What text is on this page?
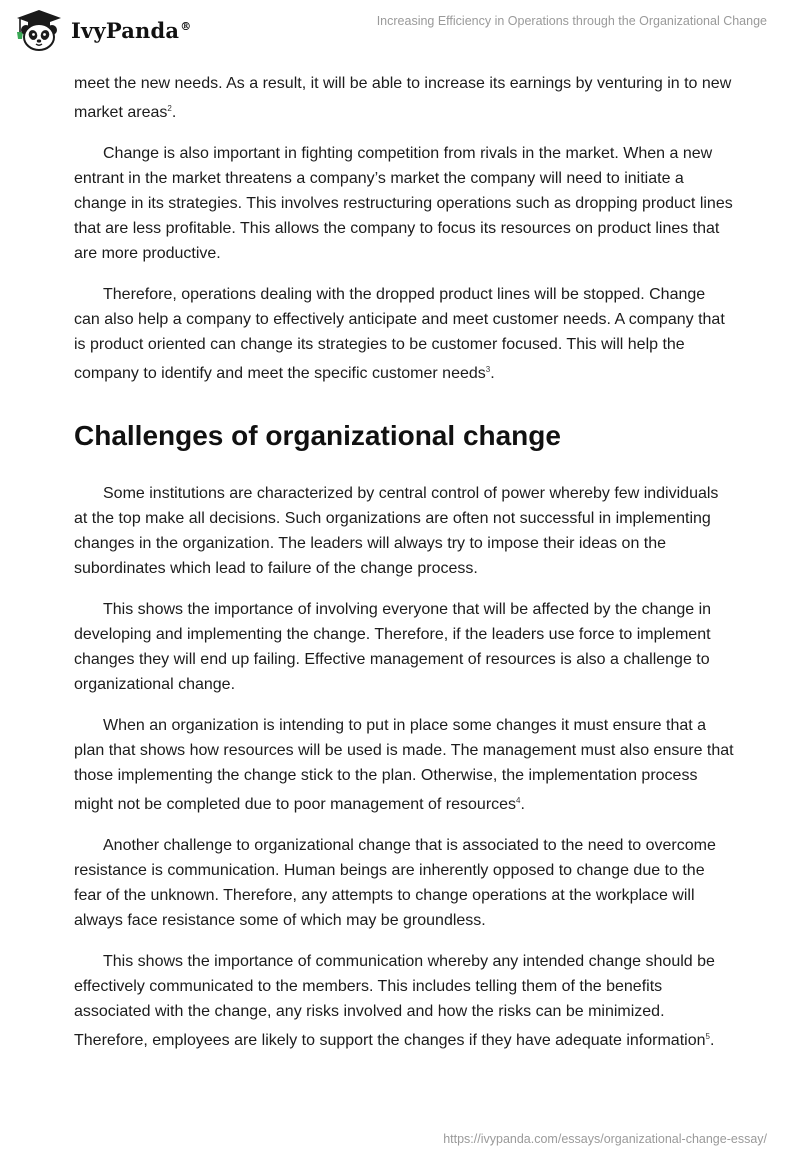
IvyPanda®	Increasing Efficiency in Operations through the Organizational Change

meet the new needs. As a result, it will be able to increase its earnings by venturing in to new market areas$^2$.

Change is also important in fighting competition from rivals in the market. When a new entrant in the market threatens a company’s market the company will need to initiate a change in its strategies. This involves restructuring operations such as dropping product lines that are less profitable. This allows the company to focus its resources on product lines that are more productive.

Therefore, operations dealing with the dropped product lines will be stopped. Change can also help a company to effectively anticipate and meet customer needs. A company that is product oriented can change its strategies to be customer focused. This will help the company to identify and meet the specific customer needs$^3$.

Challenges of organizational change

Some institutions are characterized by central control of power whereby few individuals at the top make all decisions. Such organizations are often not successful in implementing changes in the organization. The leaders will always try to impose their ideas on the subordinates which lead to failure of the change process.

This shows the importance of involving everyone that will be affected by the change in developing and implementing the change. Therefore, if the leaders use force to implement changes they will end up failing. Effective management of resources is also a challenge to organizational change.

When an organization is intending to put in place some changes it must ensure that a plan that shows how resources will be used is made. The management must also ensure that those implementing the change stick to the plan. Otherwise, the implementation process might not be completed due to poor management of resources$^4$.

Another challenge to organizational change that is associated to the need to overcome resistance is communication. Human beings are inherently opposed to change due to the fear of the unknown. Therefore, any attempts to change operations at the workplace will always face resistance some of which may be groundless.

This shows the importance of communication whereby any intended change should be effectively communicated to the members. This includes telling them of the benefits associated with the change, any risks involved and how the risks can be minimized. Therefore, employees are likely to support the changes if they have adequate information$^5$.

https://ivypanda.com/essays/organizational-change-essay/
